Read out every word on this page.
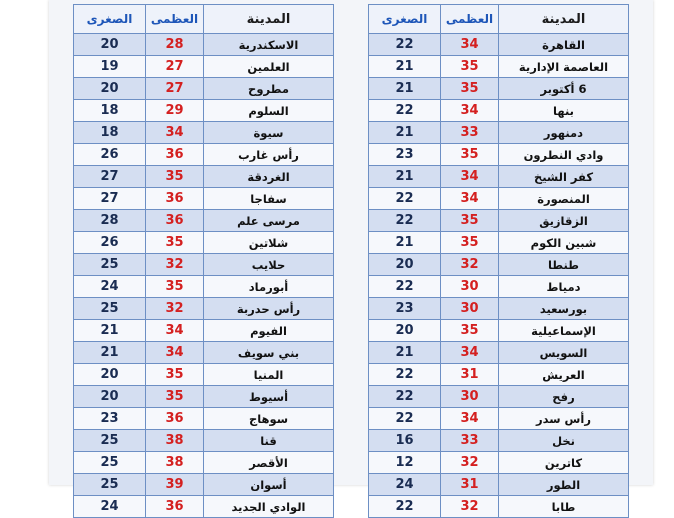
المدينة	العظمى	الصغرى
الاسكندرية	28	20
العلمين	27	19
مطروح	27	20
السلوم	29	18
سيوة	34	18
رأس غارب	36	26
الغردقة	35	27
سفاجا	36	27
مرسى علم	36	28
شلاتين	35	26
حلايب	32	25
أبورماد	35	24
رأس حدربة	32	25
الفيوم	34	21
بني سويف	34	21
المنيا	35	20
أسيوط	35	20
سوهاج	36	23
قنا	38	25
الأقصر	38	25
أسوان	39	25
الوادي الجديد	36	24
المدينة	العظمى	الصغرى
القاهرة	34	22
العاصمة الإدارية	35	21
6 أكتوبر	35	21
بنها	34	22
دمنهور	33	21
وادي النطرون	35	23
كفر الشيخ	34	21
المنصورة	34	22
الزقازيق	35	22
شبين الكوم	35	21
طنطا	32	20
دمياط	30	22
بورسعيد	30	23
الإسماعيلية	35	20
السويس	34	21
العريش	31	22
رفح	30	22
رأس سدر	34	22
نخل	33	16
كاترين	32	12
الطور	31	24
طابا	32	22
